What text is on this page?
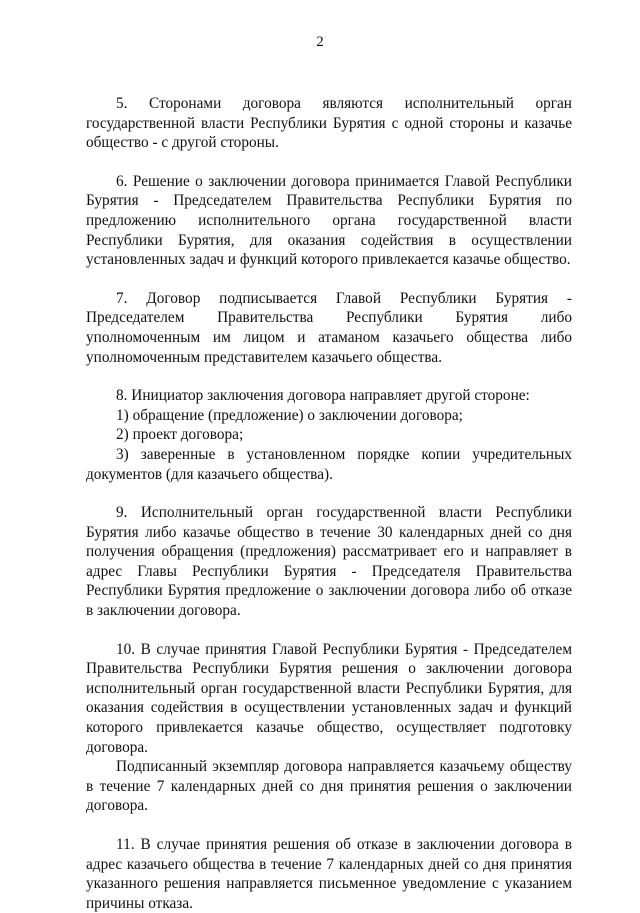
2

5. Сторонами договора являются исполнительный орган государственной власти Республики Бурятия с одной стороны и казачье общество - с другой стороны.

6. Решение о заключении договора принимается Главой Республики Бурятия - Председателем Правительства Республики Бурятия по предложению исполнительного органа государственной власти Республики Бурятия, для оказания содействия в осуществлении установленных задач и функций которого привлекается казачье общество.

7. Договор подписывается Главой Республики Бурятия - Председателем Правительства Республики Бурятия либо уполномоченным им лицом и атаманом казачьего общества либо уполномоченным представителем казачьего общества.

8. Инициатор заключения договора направляет другой стороне:

1) обращение (предложение) о заключении договора;

2) проект договора;

3) заверенные в установленном порядке копии учредительных документов (для казачьего общества).

9. Исполнительный орган государственной власти Республики Бурятия либо казачье общество в течение 30 календарных дней со дня получения обращения (предложения) рассматривает его и направляет в адрес Главы Республики Бурятия - Председателя Правительства Республики Бурятия предложение о заключении договора либо об отказе в заключении договора.

10. В случае принятия Главой Республики Бурятия - Председателем Правительства Республики Бурятия решения о заключении договора исполнительный орган государственной власти Республики Бурятия, для оказания содействия в осуществлении установленных задач и функций которого привлекается казачье общество, осуществляет подготовку договора.

Подписанный экземпляр договора направляется казачьему обществу в течение 7 календарных дней со дня принятия решения о заключении договора.

11. В случае принятия решения об отказе в заключении договора в адрес казачьего общества в течение 7 календарных дней со дня принятия указанного решения направляется письменное уведомление с указанием причины отказа.
